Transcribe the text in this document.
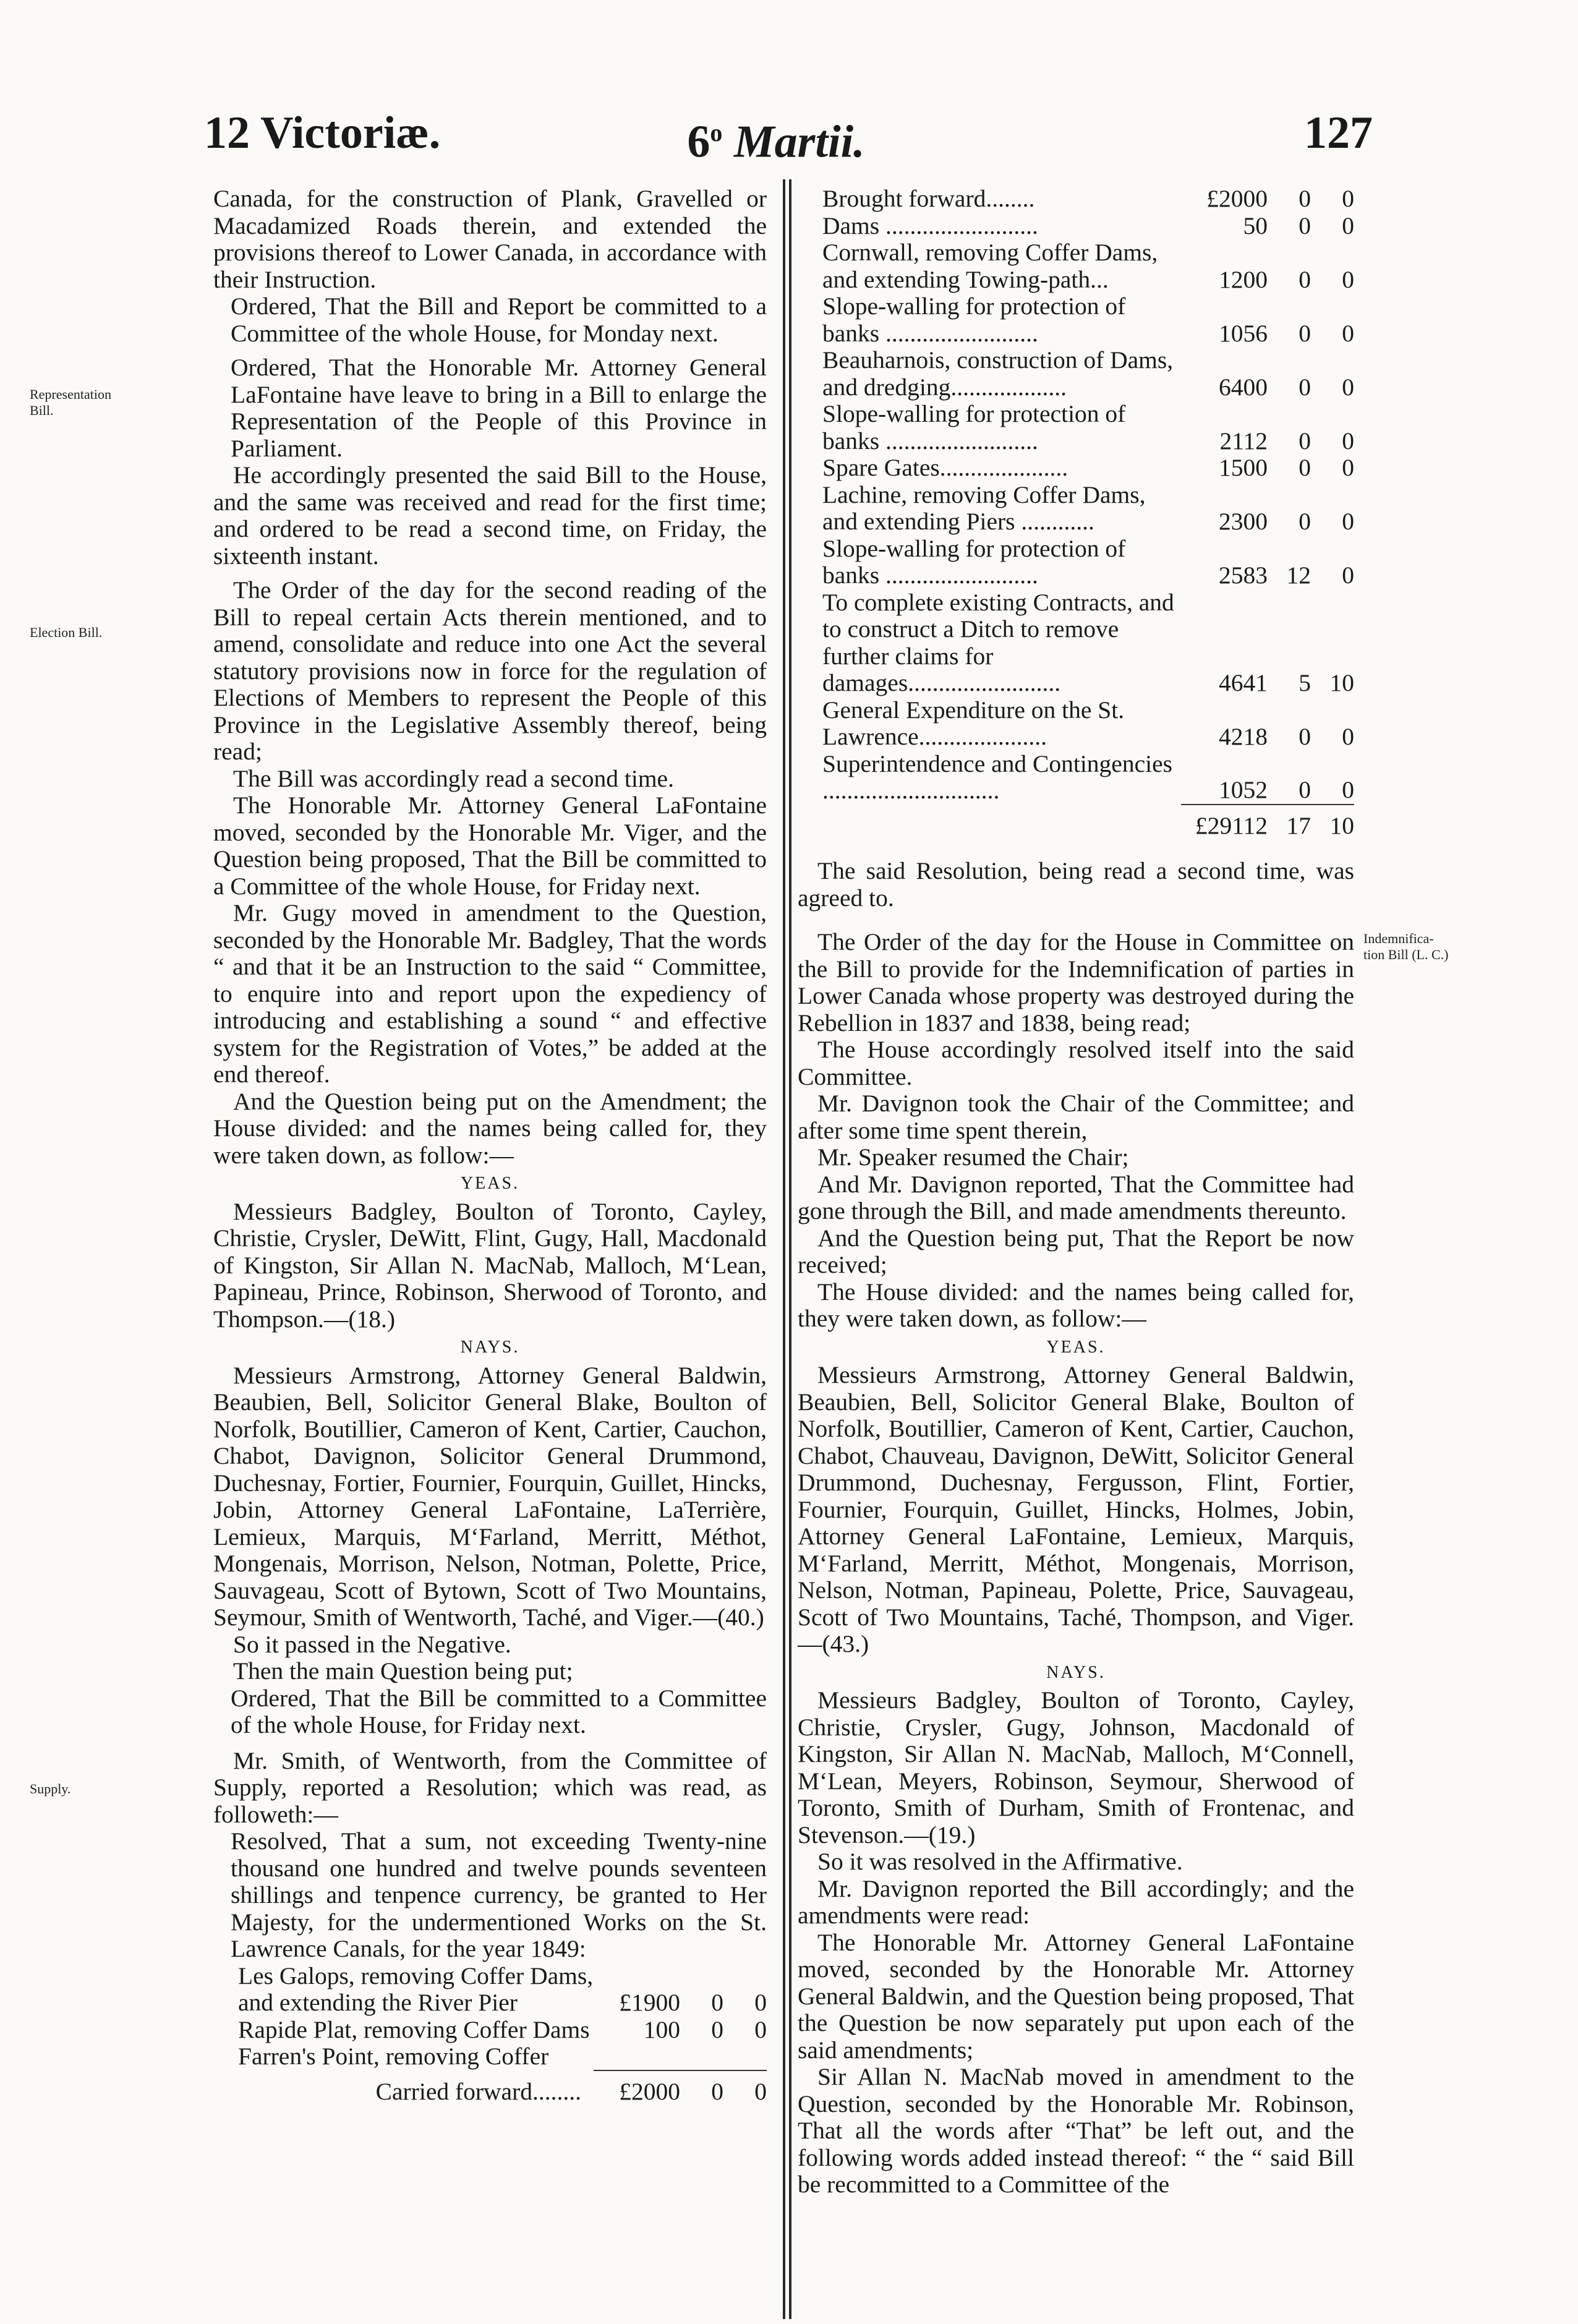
12 Victoriæ.	6$^o$ Martii.	127
Representation Bill.
Election Bill.
Supply.
Indemnifica- tion Bill (L. C.)

Canada, for the construction of Plank, Gravelled or Macadamized Roads therein, and extended the provisions thereof to Lower Canada, in accordance with their Instruction.

Ordered, That the Bill and Report be committed to a Committee of the whole House, for Monday next.

Ordered, That the Honorable Mr. Attorney General LaFontaine have leave to bring in a Bill to enlarge the Representation of the People of this Province in Parliament.

He accordingly presented the said Bill to the House, and the same was received and read for the first time; and ordered to be read a second time, on Friday, the sixteenth instant.

The Order of the day for the second reading of the Bill to repeal certain Acts therein mentioned, and to amend, consolidate and reduce into one Act the several statutory provisions now in force for the regulation of Elections of Members to represent the People of this Province in the Legislative Assembly thereof, being read;

The Bill was accordingly read a second time.

The Honorable Mr. Attorney General LaFontaine moved, seconded by the Honorable Mr. Viger, and the Question being proposed, That the Bill be committed to a Committee of the whole House, for Friday next.

Mr. Gugy moved in amendment to the Question, seconded by the Honorable Mr. Badgley, That the words “ and that it be an Instruction to the said “ Committee, to enquire into and report upon the expediency of introducing and establishing a sound “ and effective system for the Registration of Votes,” be added at the end thereof.

And the Question being put on the Amendment; the House divided: and the names being called for, they were taken down, as follow:—

YEAS.

Messieurs Badgley, Boulton of Toronto, Cayley, Christie, Crysler, DeWitt, Flint, Gugy, Hall, Macdonald of Kingston, Sir Allan N. MacNab, Malloch, M‘Lean, Papineau, Prince, Robinson, Sherwood of Toronto, and Thompson.—(18.)

NAYS.

Messieurs Armstrong, Attorney General Baldwin, Beaubien, Bell, Solicitor General Blake, Boulton of Norfolk, Boutillier, Cameron of Kent, Cartier, Cauchon, Chabot, Davignon, Solicitor General Drummond, Duchesnay, Fortier, Fournier, Fourquin, Guillet, Hincks, Jobin, Attorney General LaFontaine, LaTerrière, Lemieux, Marquis, M‘Farland, Merritt, Méthot, Mongenais, Morrison, Nelson, Notman, Polette, Price, Sauvageau, Scott of Bytown, Scott of Two Mountains, Seymour, Smith of Wentworth, Taché, and Viger.—(40.)

So it passed in the Negative.

Then the main Question being put;

Ordered, That the Bill be committed to a Committee of the whole House, for Friday next.

Mr. Smith, of Wentworth, from the Committee of Supply, reported a Resolution; which was read, as followeth:—

Resolved, That a sum, not exceeding Twenty-nine thousand one hundred and twelve pounds seventeen shillings and tenpence currency, be granted to Her Majesty, for the undermentioned Works on the St. Lawrence Canals, for the year 1849:

Les Galops, removing Coffer Dams, and extending the River Pier	£1900	0	0
Rapide Plat, removing Coffer Dams	100	0	0
Farren's Point, removing Coffer			
Carried forward........	£2000	0	0
Brought forward........	£2000	0	0
Dams .........................	50	0	0
Cornwall, removing Coffer Dams, and extending Towing-path...	1200	0	0
Slope-walling for protection of banks .........................	1056	0	0
Beauharnois, construction of Dams, and dredging...................	6400	0	0
Slope-walling for protection of banks .........................	2112	0	0
Spare Gates.....................	1500	0	0
Lachine, removing Coffer Dams, and extending Piers ............	2300	0	0
Slope-walling for protection of banks .........................	2583	12	0
To complete existing Contracts, and to construct a Ditch to remove further claims for damages.........................	4641	5	10
General Expenditure on the St. Lawrence.....................	4218	0	0
Superintendence and Contingencies .............................	1052	0	0
	£29112	17	10

The said Resolution, being read a second time, was agreed to.

The Order of the day for the House in Committee on the Bill to provide for the Indemnification of parties in Lower Canada whose property was destroyed during the Rebellion in 1837 and 1838, being read;

The House accordingly resolved itself into the said Committee.

Mr. Davignon took the Chair of the Committee; and after some time spent therein,

Mr. Speaker resumed the Chair;

And Mr. Davignon reported, That the Committee had gone through the Bill, and made amendments thereunto.

And the Question being put, That the Report be now received;

The House divided: and the names being called for, they were taken down, as follow:—

YEAS.

Messieurs Armstrong, Attorney General Baldwin, Beaubien, Bell, Solicitor General Blake, Boulton of Norfolk, Boutillier, Cameron of Kent, Cartier, Cauchon, Chabot, Chauveau, Davignon, DeWitt, Solicitor General Drummond, Duchesnay, Fergusson, Flint, Fortier, Fournier, Fourquin, Guillet, Hincks, Holmes, Jobin, Attorney General LaFontaine, Lemieux, Marquis, M‘Farland, Merritt, Méthot, Mongenais, Morrison, Nelson, Notman, Papineau, Polette, Price, Sauvageau, Scott of Two Mountains, Taché, Thompson, and Viger.—(43.)

NAYS.

Messieurs Badgley, Boulton of Toronto, Cayley, Christie, Crysler, Gugy, Johnson, Macdonald of Kingston, Sir Allan N. MacNab, Malloch, M‘Connell, M‘Lean, Meyers, Robinson, Seymour, Sherwood of Toronto, Smith of Durham, Smith of Frontenac, and Stevenson.—(19.)

So it was resolved in the Affirmative.

Mr. Davignon reported the Bill accordingly; and the amendments were read:

The Honorable Mr. Attorney General LaFontaine moved, seconded by the Honorable Mr. Attorney General Baldwin, and the Question being proposed, That the Question be now separately put upon each of the said amendments;

Sir Allan N. MacNab moved in amendment to the Question, seconded by the Honorable Mr. Robinson, That all the words after “That” be left out, and the following words added instead thereof: “ the “ said Bill be recommitted to a Committee of the
